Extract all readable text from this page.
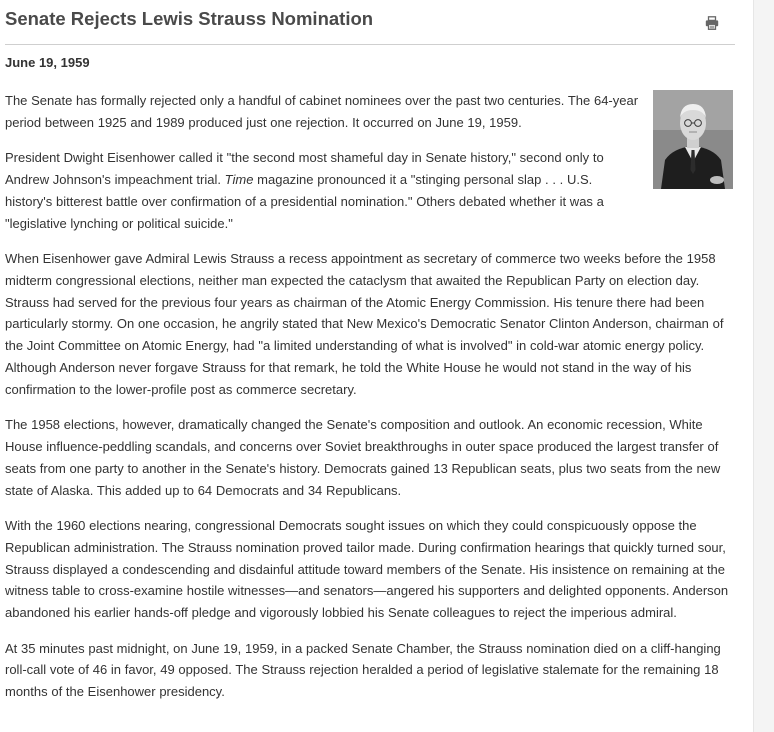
Senate Rejects Lewis Strauss Nomination
June 19, 1959

The Senate has formally rejected only a handful of cabinet nominees over the past two centuries. The 64-year period between 1925 and 1989 produced just one rejection. It occurred on June 19, 1959.

President Dwight Eisenhower called it "the second most shameful day in Senate history," second only to Andrew Johnson's impeachment trial. Time magazine pronounced it a "stinging personal slap . . . U.S. history's bitterest battle over confirmation of a presidential nomination." Others debated whether it was a "legislative lynching or political suicide."

When Eisenhower gave Admiral Lewis Strauss a recess appointment as secretary of commerce two weeks before the 1958 midterm congressional elections, neither man expected the cataclysm that awaited the Republican Party on election day. Strauss had served for the previous four years as chairman of the Atomic Energy Commission. His tenure there had been particularly stormy. On one occasion, he angrily stated that New Mexico's Democratic Senator Clinton Anderson, chairman of the Joint Committee on Atomic Energy, had "a limited understanding of what is involved" in cold-war atomic energy policy. Although Anderson never forgave Strauss for that remark, he told the White House he would not stand in the way of his confirmation to the lower-profile post as commerce secretary.

The 1958 elections, however, dramatically changed the Senate's composition and outlook. An economic recession, White House influence-peddling scandals, and concerns over Soviet breakthroughs in outer space produced the largest transfer of seats from one party to another in the Senate's history. Democrats gained 13 Republican seats, plus two seats from the new state of Alaska. This added up to 64 Democrats and 34 Republicans.

With the 1960 elections nearing, congressional Democrats sought issues on which they could conspicuously oppose the Republican administration. The Strauss nomination proved tailor made. During confirmation hearings that quickly turned sour, Strauss displayed a condescending and disdainful attitude toward members of the Senate. His insistence on remaining at the witness table to cross-examine hostile witnesses—and senators—angered his supporters and delighted opponents. Anderson abandoned his earlier hands-off pledge and vigorously lobbied his Senate colleagues to reject the imperious admiral.

At 35 minutes past midnight, on June 19, 1959, in a packed Senate Chamber, the Strauss nomination died on a cliff-hanging roll-call vote of 46 in favor, 49 opposed. The Strauss rejection heralded a period of legislative stalemate for the remaining 18 months of the Eisenhower presidency.
